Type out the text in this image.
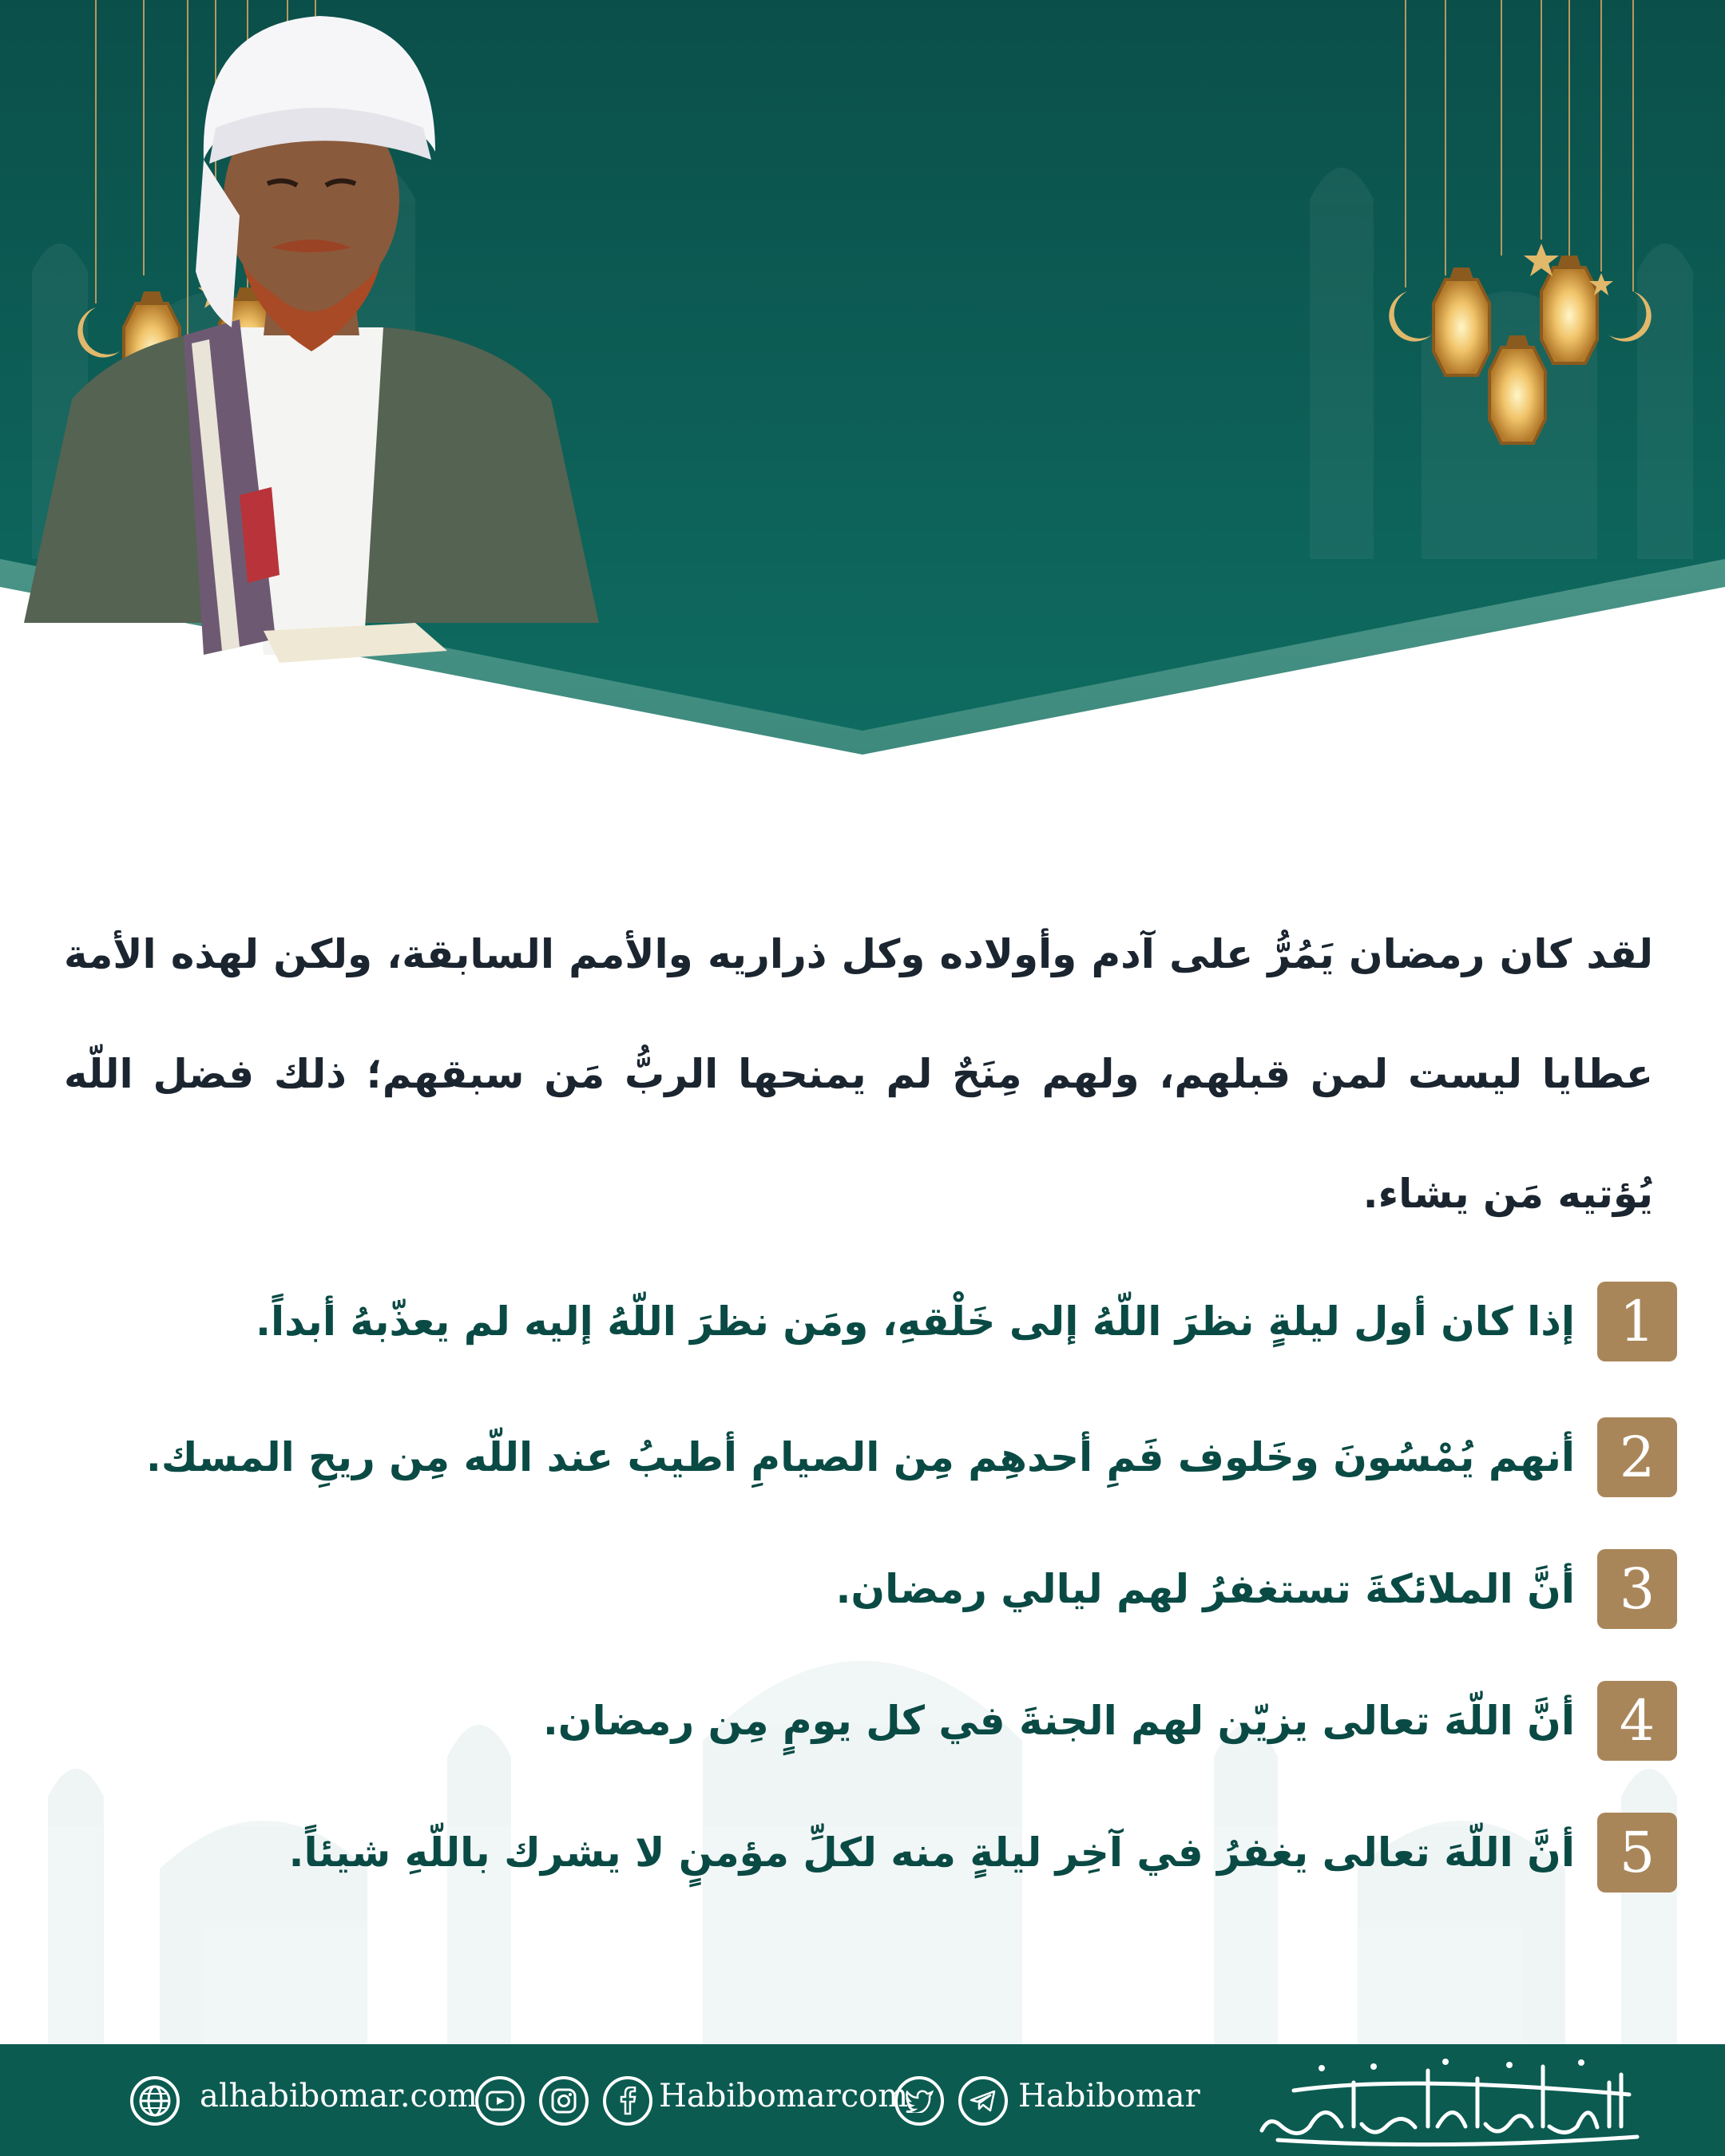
لقد كان رمضان يَمُرُّ على آدم وأولاده وكل ذراريه والأمم السابقة، ولكن لهذه الأمة عطايا ليست لمن قبلهم، ولهم مِنَحٌ لم يمنحها الربُّ مَن سبقهم؛ ذلك فضل اللّه يُؤتيه مَن يشاء.
1
إذا كان أول ليلةٍ نظرَ اللّهُ إلى خَلْقهِ، ومَن نظرَ اللّهُ إليه لم يعذّبهُ أبداً.
2
أنهم يُمْسُونَ وخَلوف فَمِ أحدهِم مِن الصيامِ أطيبُ عند اللّه مِن ريحِ المسك.
3
أنَّ الملائكةَ تستغفرُ لهم ليالي رمضان.
4
أنَّ اللّهَ تعالى يزيّن لهم الجنةَ في كل يومٍ مِن رمضان.
5
أنَّ اللّهَ تعالى يغفرُ في آخِر ليلةٍ منه لكلِّ مؤمنٍ لا يشرك باللّهِ شيئاً.
alhabibomar.com	Habibomarcom	Habibomar
